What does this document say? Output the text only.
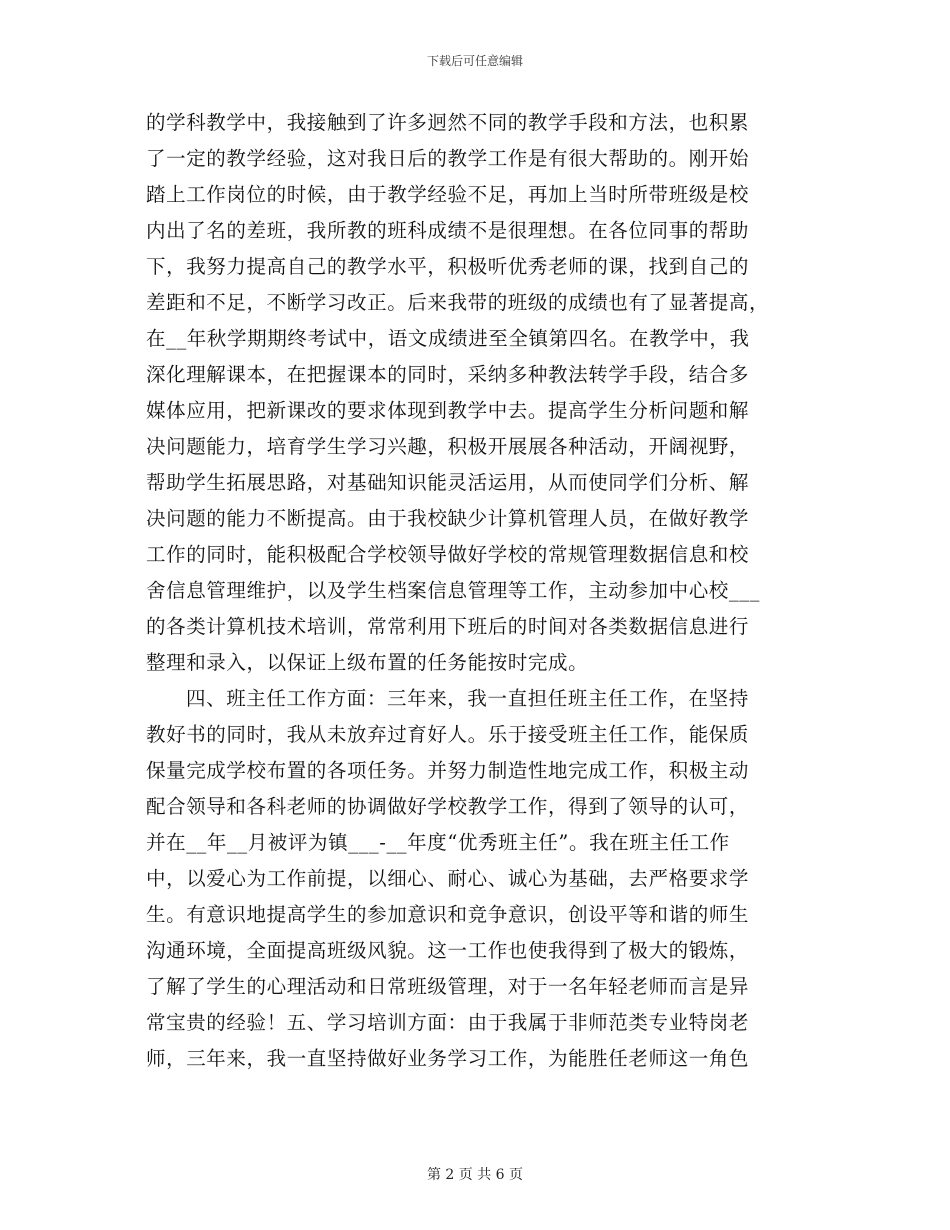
下载后可任意编辑
的学科教学中，我接触到了许多迥然不同的教学手段和方法，也积累
了一定的教学经验，这对我日后的教学工作是有很大帮助的。刚开始
踏上工作岗位的时候，由于教学经验不足，再加上当时所带班级是校
内出了名的差班，我所教的班科成绩不是很理想。在各位同事的帮助
下，我努力提高自己的教学水平，积极听优秀老师的课，找到自己的
差距和不足，不断学习改正。后来我带的班级的成绩也有了显著提高，
在__年秋学期期终考试中，语文成绩进至全镇第四名。在教学中，我
深化理解课本，在把握课本的同时，采纳多种教法转学手段，结合多
媒体应用，把新课改的要求体现到教学中去。提高学生分析问题和解
决问题能力，培育学生学习兴趣，积极开展展各种活动，开阔视野，
帮助学生拓展思路，对基础知识能灵活运用，从而使同学们分析、解
决问题的能力不断提高。由于我校缺少计算机管理人员，在做好教学
工作的同时，能积极配合学校领导做好学校的常规管理数据信息和校
舍信息管理维护，以及学生档案信息管理等工作，主动参加中心校___
的各类计算机技术培训，常常利用下班后的时间对各类数据信息进行
整理和录入，以保证上级布置的任务能按时完成。
四、班主任工作方面：三年来，我一直担任班主任工作，在坚持
教好书的同时，我从未放弃过育好人。乐于接受班主任工作，能保质
保量完成学校布置的各项任务。并努力制造性地完成工作，积极主动
配合领导和各科老师的协调做好学校教学工作，得到了领导的认可，
并在__年__月被评为镇___-__年度“优秀班主任”。我在班主任工作
中，以爱心为工作前提，以细心、耐心、诚心为基础，去严格要求学
生。有意识地提高学生的参加意识和竞争意识，创设平等和谐的师生
沟通环境，全面提高班级风貌。这一工作也使我得到了极大的锻炼，
了解了学生的心理活动和日常班级管理，对于一名年轻老师而言是异
常宝贵的经验！五、学习培训方面：由于我属于非师范类专业特岗老
师，三年来，我一直坚持做好业务学习工作，为能胜任老师这一角色
第 2 页 共 6 页
